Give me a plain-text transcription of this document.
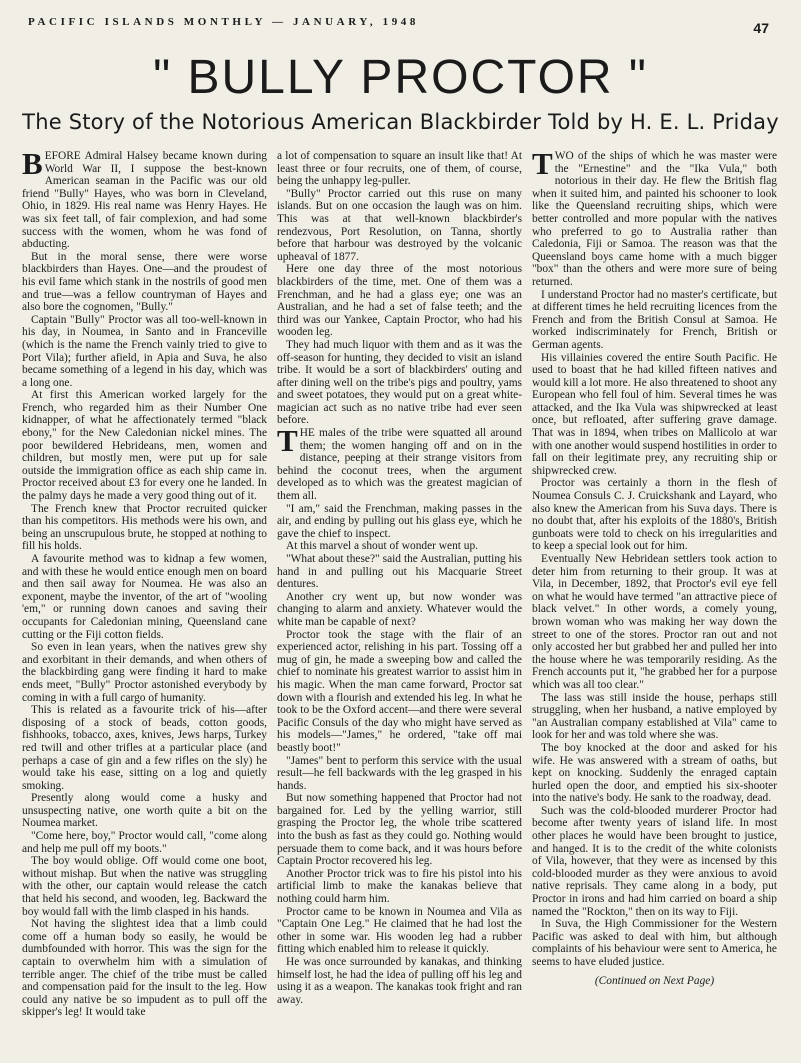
PACIFIC ISLANDS MONTHLY — JANUARY, 1948	47
" BULLY PROCTOR "
The Story of the Notorious American Blackbirder Told by H. E. L. Priday

BEFORE Admiral Halsey became known during World War II, I suppose the best-known American seaman in the Pacific was our old friend "Bully" Hayes, who was born in Cleveland, Ohio, in 1829. His real name was Henry Hayes. He was six feet tall, of fair complexion, and had some success with the women, whom he was fond of abducting.

But in the moral sense, there were worse blackbirders than Hayes. One—and the proudest of his evil fame which stank in the nostrils of good men and true—was a fellow countryman of Hayes and also bore the cognomen, "Bully."

Captain "Bully" Proctor was all too-well-known in his day, in Noumea, in Santo and in Franceville (which is the name the French vainly tried to give to Port Vila); further afield, in Apia and Suva, he also became something of a legend in his day, which was a long one.

At first this American worked largely for the French, who regarded him as their Number One kidnapper, of what he affectionately termed "black ebony," for the New Caledonian nickel mines. The poor bewildered Hebrideans, men, women and children, but mostly men, were put up for sale outside the immigration office as each ship came in. Proctor received about £3 for every one he landed. In the palmy days he made a very good thing out of it.

The French knew that Proctor recruited quicker than his competitors. His methods were his own, and being an unscrupulous brute, he stopped at nothing to fill his holds.

A favourite method was to kidnap a few women, and with these he would entice enough men on board and then sail away for Noumea. He was also an exponent, maybe the inventor, of the art of "wooling 'em," or running down canoes and saving their occupants for Caledonian mining, Queensland cane cutting or the Fiji cotton fields.

So even in lean years, when the natives grew shy and exorbitant in their demands, and when others of the blackbirding gang were finding it hard to make ends meet, "Bully" Proctor astonished everybody by coming in with a full cargo of humanity.

This is related as a favourite trick of his—after disposing of a stock of beads, cotton goods, fishhooks, tobacco, axes, knives, Jews harps, Turkey red twill and other trifles at a particular place (and perhaps a case of gin and a few rifles on the sly) he would take his ease, sitting on a log and quietly smoking.

Presently along would come a husky and unsuspecting native, one worth quite a bit on the Noumea market.

"Come here, boy," Proctor would call, "come along and help me pull off my boots."

The boy would oblige. Off would come one boot, without mishap. But when the native was struggling with the other, our captain would release the catch that held his second, and wooden, leg. Backward the boy would fall with the limb clasped in his hands.

Not having the slightest idea that a limb could come off a human body so easily, he would be dumbfounded with horror. This was the sign for the captain to overwhelm him with a simulation of terrible anger. The chief of the tribe must be called and compensation paid for the insult to the leg. How could any native be so impudent as to pull off the skipper's leg! It would take

a lot of compensation to square an insult like that! At least three or four recruits, one of them, of course, being the unhappy leg-puller.

"Bully" Proctor carried out this ruse on many islands. But on one occasion the laugh was on him. This was at that well-known blackbirder's rendezvous, Port Resolution, on Tanna, shortly before that harbour was destroyed by the volcanic upheaval of 1877.

Here one day three of the most notorious blackbirders of the time, met. One of them was a Frenchman, and he had a glass eye; one was an Australian, and he had a set of false teeth; and the third was our Yankee, Captain Proctor, who had his wooden leg.

They had much liquor with them and as it was the off-season for hunting, they decided to visit an island tribe. It would be a sort of blackbirders' outing and after dining well on the tribe's pigs and poultry, yams and sweet potatoes, they would put on a great white-magician act such as no native tribe had ever seen before.

THE males of the tribe were squatted all around them; the women hanging off and on in the distance, peeping at their strange visitors from behind the coconut trees, when the argument developed as to which was the greatest magician of them all.

"I am," said the Frenchman, making passes in the air, and ending by pulling out his glass eye, which he gave the chief to inspect.

At this marvel a shout of wonder went up.

"What about these?" said the Australian, putting his hand in and pulling out his Macquarie Street dentures.

Another cry went up, but now wonder was changing to alarm and anxiety. Whatever would the white man be capable of next?

Proctor took the stage with the flair of an experienced actor, relishing in his part. Tossing off a mug of gin, he made a sweeping bow and called the chief to nominate his greatest warrior to assist him in his magic. When the man came forward, Proctor sat down with a flourish and extended his leg. In what he took to be the Oxford accent—and there were several Pacific Consuls of the day who might have served as his models—"James," he ordered, "take off mai beastly boot!"

"James" bent to perform this service with the usual result—he fell backwards with the leg grasped in his hands.

But now something happened that Proctor had not bargained for. Led by the yelling warrior, still grasping the Proctor leg, the whole tribe scattered into the bush as fast as they could go. Nothing would persuade them to come back, and it was hours before Captain Proctor recovered his leg.

Another Proctor trick was to fire his pistol into his artificial limb to make the kanakas believe that nothing could harm him.

Proctor came to be known in Noumea and Vila as "Captain One Leg." He claimed that he had lost the other in some war. His wooden leg had a rubber fitting which enabled him to release it quickly.

He was once surrounded by kanakas, and thinking himself lost, he had the idea of pulling off his leg and using it as a weapon. The kanakas took fright and ran away.

TWO of the ships of which he was master were the "Ernestine" and the "Ika Vula," both notorious in their day. He flew the British flag when it suited him, and painted his schooner to look like the Queensland recruiting ships, which were better controlled and more popular with the natives who preferred to go to Australia rather than Caledonia, Fiji or Samoa. The reason was that the Queensland boys came home with a much bigger "box" than the others and were more sure of being returned.

I understand Proctor had no master's certificate, but at different times he held recruiting licences from the French and from the British Consul at Samoa. He worked indiscriminately for French, British or German agents.

His villainies covered the entire South Pacific. He used to boast that he had killed fifteen natives and would kill a lot more. He also threatened to shoot any European who fell foul of him. Several times he was attacked, and the Ika Vula was shipwrecked at least once, but refloated, after suffering grave damage. That was in 1894, when tribes on Mallicolo at war with one another would suspend hostilities in order to fall on their legitimate prey, any recruiting ship or shipwrecked crew.

Proctor was certainly a thorn in the flesh of Noumea Consuls C. J. Cruickshank and Layard, who also knew the American from his Suva days. There is no doubt that, after his exploits of the 1880's, British gunboats were told to check on his irregularities and to keep a special look out for him.

Eventually New Hebridean settlers took action to deter him from returning to their group. It was at Vila, in December, 1892, that Proctor's evil eye fell on what he would have termed "an attractive piece of black velvet." In other words, a comely young, brown woman who was making her way down the street to one of the stores. Proctor ran out and not only accosted her but grabbed her and pulled her into the house where he was temporarily residing. As the French accounts put it, "he grabbed her for a purpose which was all too clear."

The lass was still inside the house, perhaps still struggling, when her husband, a native employed by "an Australian company established at Vila" came to look for her and was told where she was.

The boy knocked at the door and asked for his wife. He was answered with a stream of oaths, but kept on knocking. Suddenly the enraged captain hurled open the door, and emptied his six-shooter into the native's body. He sank to the roadway, dead.

Such was the cold-blooded murderer Proctor had become after twenty years of island life. In most other places he would have been brought to justice, and hanged. It is to the credit of the white colonists of Vila, however, that they were as incensed by this cold-blooded murder as they were anxious to avoid native reprisals. They came along in a body, put Proctor in irons and had him carried on board a ship named the "Rockton," then on its way to Fiji.

In Suva, the High Commissioner for the Western Pacific was asked to deal with him, but although complaints of his behaviour were sent to America, he seems to have eluded justice.

(Continued on Next Page)
